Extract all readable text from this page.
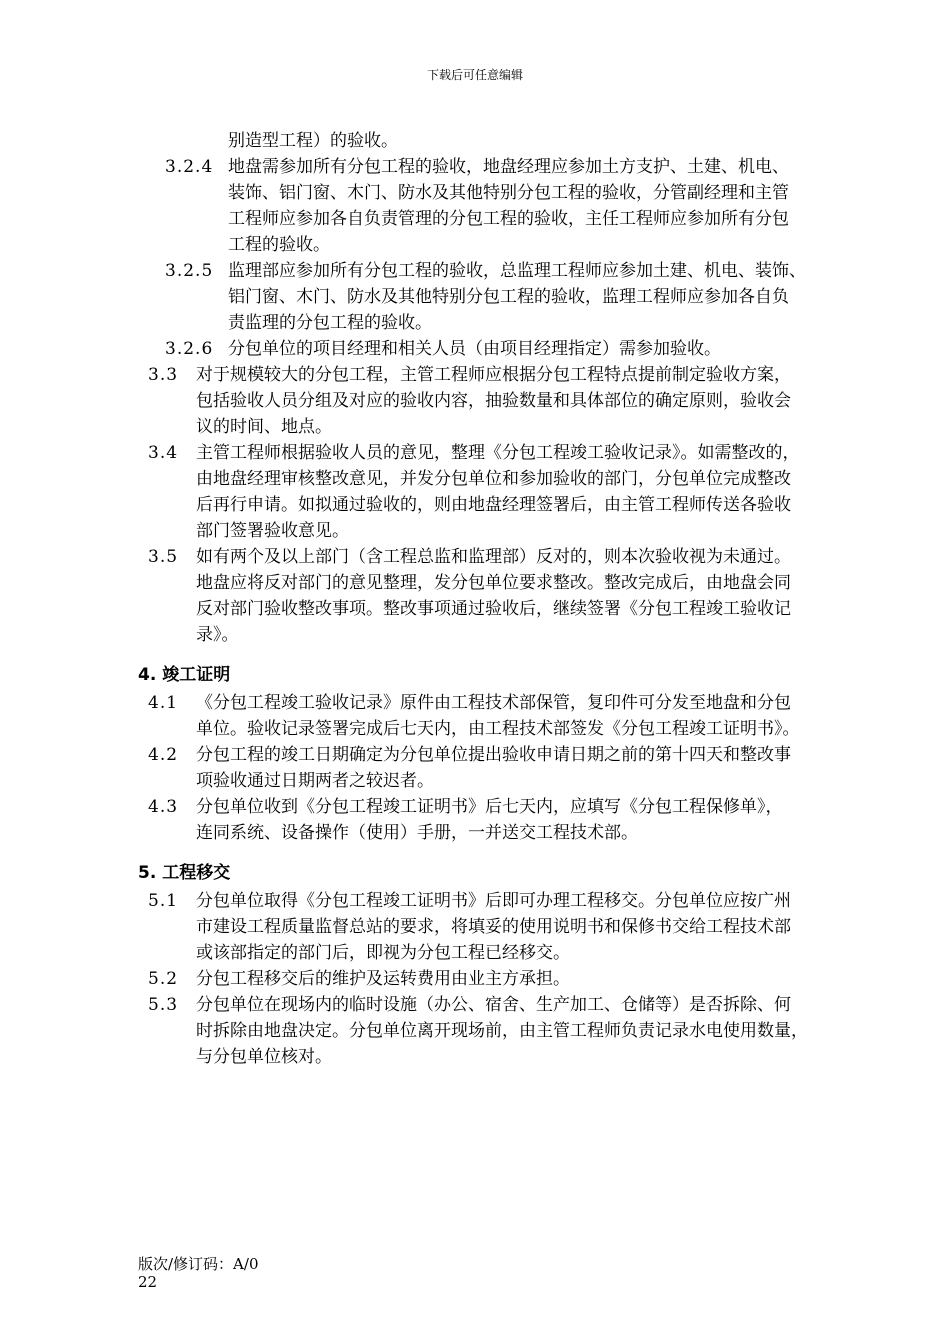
下载后可任意编辑
别造型工程）的验收。
3.2.4 地盘需参加所有分包工程的验收，地盘经理应参加土方支护、土建、机电、
装饰、铝门窗、木门、防水及其他特别分包工程的验收，分管副经理和主管
工程师应参加各自负责管理的分包工程的验收，主任工程师应参加所有分包
工程的验收。
3.2.5 监理部应参加所有分包工程的验收，总监理工程师应参加土建、机电、装饰、
铝门窗、木门、防水及其他特别分包工程的验收，监理工程师应参加各自负
责监理的分包工程的验收。
3.2.6 分包单位的项目经理和相关人员（由项目经理指定）需参加验收。
3.3 对于规模较大的分包工程，主管工程师应根据分包工程特点提前制定验收方案，
包括验收人员分组及对应的验收内容，抽验数量和具体部位的确定原则，验收会
议的时间、地点。
3.4 主管工程师根据验收人员的意见，整理《分包工程竣工验收记录》。如需整改的，
由地盘经理审核整改意见，并发分包单位和参加验收的部门，分包单位完成整改
后再行申请。如拟通过验收的，则由地盘经理签署后，由主管工程师传送各验收
部门签署验收意见。
3.5 如有两个及以上部门（含工程总监和监理部）反对的，则本次验收视为未通过。
地盘应将反对部门的意见整理，发分包单位要求整改。整改完成后，由地盘会同
反对部门验收整改事项。整改事项通过验收后，继续签署《分包工程竣工验收记
录》。
4. 竣工证明
4.1 《分包工程竣工验收记录》原件由工程技术部保管，复印件可分发至地盘和分包
单位。验收记录签署完成后七天内，由工程技术部签发《分包工程竣工证明书》。
4.2 分包工程的竣工日期确定为分包单位提出验收申请日期之前的第十四天和整改事
项验收通过日期两者之较迟者。
4.3 分包单位收到《分包工程竣工证明书》后七天内，应填写《分包工程保修单》，
连同系统、设备操作（使用）手册，一并送交工程技术部。
5. 工程移交
5.1 分包单位取得《分包工程竣工证明书》后即可办理工程移交。分包单位应按广州
市建设工程质量监督总站的要求，将填妥的使用说明书和保修书交给工程技术部
或该部指定的部门后，即视为分包工程已经移交。
5.2 分包工程移交后的维护及运转费用由业主方承担。
5.3 分包单位在现场内的临时设施（办公、宿舍、生产加工、仓储等）是否拆除、何
时拆除由地盘决定。分包单位离开现场前，由主管工程师负责记录水电使用数量，
与分包单位核对。
版次/修订码：A/0
22
